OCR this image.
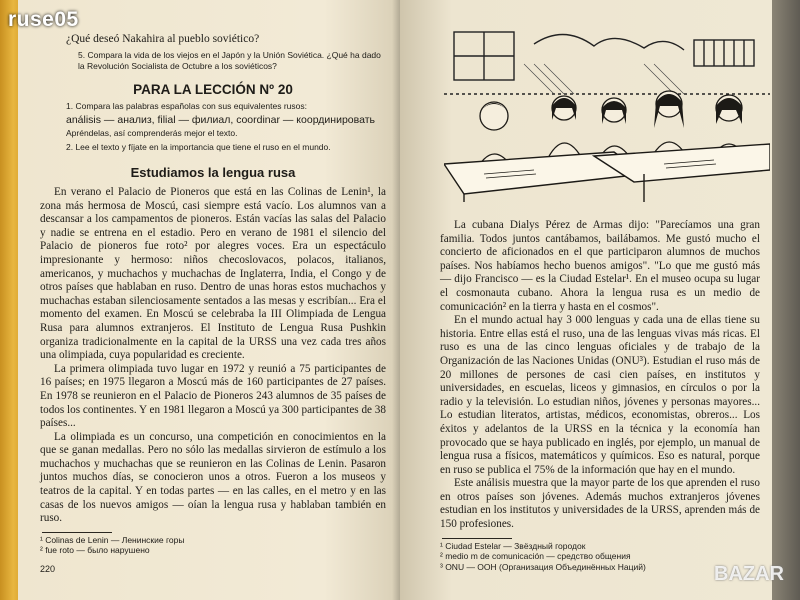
¿Qué deseó Nakahira al pueblo soviético?

5. Compara la vida de los viejos en el Japón y la Unión Soviética. ¿Qué ha dado la Revolución Socialista de Octubre a los soviéticos?

PARA LA LECCIÓN Nº 20

1. Compara las palabras españolas con sus equivalentes rusos:

análisis — анализ, filial — филиал, coordinar — координировать

Apréndelas, así comprenderás mejor el texto.

2. Lee el texto y fíjate en la importancia que tiene el ruso en el mundo.

Estudiamos la lengua rusa

En verano el Palacio de Pioneros que está en las Colinas de Lenin¹, la zona más hermosa de Moscú, casi siempre está vacío. Los alumnos van a descansar a los campamentos de pioneros. Están vacías las salas del Palacio y nadie se entrena en el estadio. Pero en verano de 1981 el silencio del Palacio de pioneros fue roto² por alegres voces. Era un espectáculo impresionante y hermoso: niños checoslovacos, polacos, italianos, americanos, y muchachos y muchachas de Inglaterra, India, el Congo y de otros países que hablaban en ruso. Dentro de unas horas estos muchachos y muchachas estaban silenciosamente sentados a las mesas y escribían... Era el momento del examen. En Moscú se celebraba la III Olimpiada de Lengua Rusa para alumnos extranjeros. El Instituto de Lengua Rusa Pushkin organiza tradicionalmente en la capital de la URSS una vez cada tres años una olimpiada, cuya popularidad es creciente.

La primera olimpiada tuvo lugar en 1972 y reunió a 75 participantes de 16 países; en 1975 llegaron a Moscú más de 160 participantes de 27 países. En 1978 se reunieron en el Palacio de Pioneros 243 alumnos de 35 países de todos los continentes. Y en 1981 llegaron a Moscú ya 300 participantes de 38 países...

La olimpiada es un concurso, una competición en conocimientos en la que se ganan medallas. Pero no sólo las medallas sirvieron de estímulo a los muchachos y muchachas que se reunieron en las Colinas de Lenin. Pasaron juntos muchos días, se conocieron unos a otros. Fueron a los museos y teatros de la capital. Y en todas partes — en las calles, en el metro y en las casas de los nuevos amigos — oían la lengua rusa y hablaban también en ruso.

¹ Colinas de Lenin — Ленинские горы

² fue roto — было нарушено

220

La cubana Dialys Pérez de Armas dijo: "Parecíamos una gran familia. Todos juntos cantábamos, bailábamos. Me gustó mucho el concierto de aficionados en el que participaron alumnos de muchos países. Nos habíamos hecho buenos amigos". "Lo que me gustó más — dijo Francisco — es la Ciudad Estelar¹. En el museo ocupa su lugar el cosmonauta cubano. Ahora la lengua rusa es un medio de comunicación² en la tierra y hasta en el cosmos".

En el mundo actual hay 3 000 lenguas y cada una de ellas tiene su historia. Entre ellas está el ruso, una de las lenguas vivas más ricas. El ruso es una de las cinco lenguas oficiales y de trabajo de la Organización de las Naciones Unidas (ONU³). Estudian el ruso más de 20 millones de persones de casi cien países, en institutos y universidades, en escuelas, liceos y gimnasios, en círculos o por la radio y la televisión. Lo estudian niños, jóvenes y personas mayores... Lo estudian literatos, artistas, médicos, economistas, obreros... Los éxitos y adelantos de la URSS en la técnica y la economía han provocado que se haya publicado en inglés, por ejemplo, un manual de lengua rusa a físicos, matemáticos y químicos. Eso es natural, porque en ruso se publica el 75% de la información que hay en el mundo.

Este análisis muestra que la mayor parte de los que aprenden el ruso en otros países son jóvenes. Además muchos extranjeros jóvenes estudian en los institutos y universidades de la URSS, aprenden más de 150 profesiones.

¹ Ciudad Estelar — Звёздный городок

² medio m de comunicación — средство общения

³ ONU — ООН (Организация Объединённых Наций)

ruse05
BAZAR
